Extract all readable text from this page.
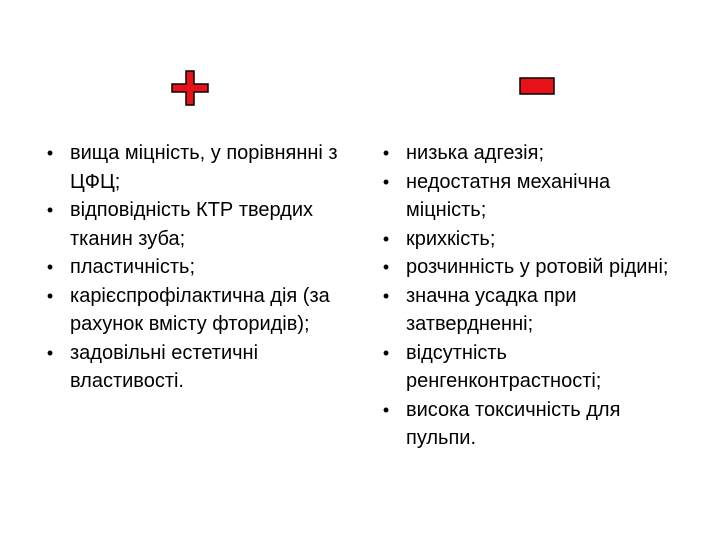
• вища міцність, у порівнянні з ЦФЦ;
• відповідність КТР твердих тканин зуба;
• пластичність;
• карієспрофілактична дія (за рахунок вмісту фторидів);
• задовільні естетичні властивості.
• низька адгезія;
• недостатня механічна міцність;
• крихкість;
• розчинність у ротовій рідині;
• значна усадка при затвердненні;
• відсутність ренгенконтрастності;
• висока токсичність для пульпи.
